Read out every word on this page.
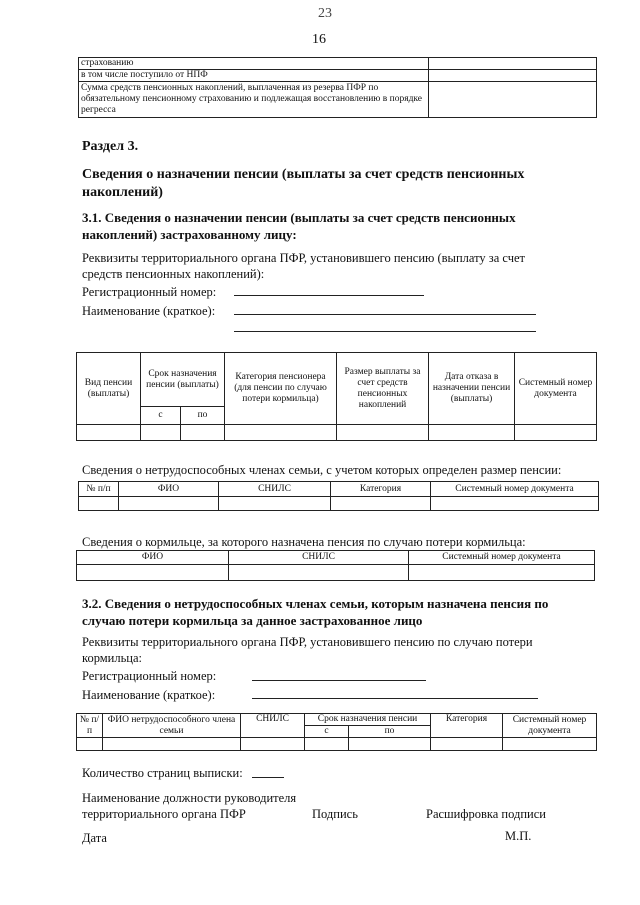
23
16
страхованию	
в том числе поступило от НПФ	
Сумма средств пенсионных накоплений, выплаченная из резерва ПФР по обязательному пенсионному страхованию и подлежащая восстановлению в порядке регресса	
Раздел 3.
Сведения о назначении пенсии (выплаты за счет средств пенсионных накоплений)
3.1. Сведения о назначении пенсии (выплаты за счет средств пенсионных накоплений) застрахованному лицу:
Реквизиты территориального органа ПФР, установившего пенсию (выплату за счет средств пенсионных накоплений):
Регистрационный номер:
Наименование (краткое):
Вид пенсии (выплаты)	Срок назначения пенсии (выплаты)		Категория пенсионера (для пенсии по случаю потери кормильца)	Размер выплаты за счет средств пенсионных накоплений	Дата отказа в назначении пенсии (выплаты)	Системный номер документа
	с	по				

Сведения о нетрудоспособных членах семьи, с учетом которых определен размер пенсии:
№ п/п	ФИО	СНИЛС	Категория	Системный номер документа

Сведения о кормильце, за которого назначена пенсия по случаю потери кормильца:
ФИО	СНИЛС	Системный номер документа

3.2. Сведения о нетрудоспособных членах семьи, которым назначена пенсия по случаю потери кормильца за данное застрахованное лицо
Реквизиты территориального органа ПФР, установившего пенсию по случаю потери кормильца:
Регистрационный номер:
Наименование (краткое):
№ п/п	ФИО нетрудоспособного члена семьи	СНИЛС	Срок назначения пенсии		Категория	Системный номер документа
			с	по		

Количество страниц выписки:
Наименование должности руководителя территориального органа ПФР	Подпись	Расшифровка подписи
Дата	М.П.
